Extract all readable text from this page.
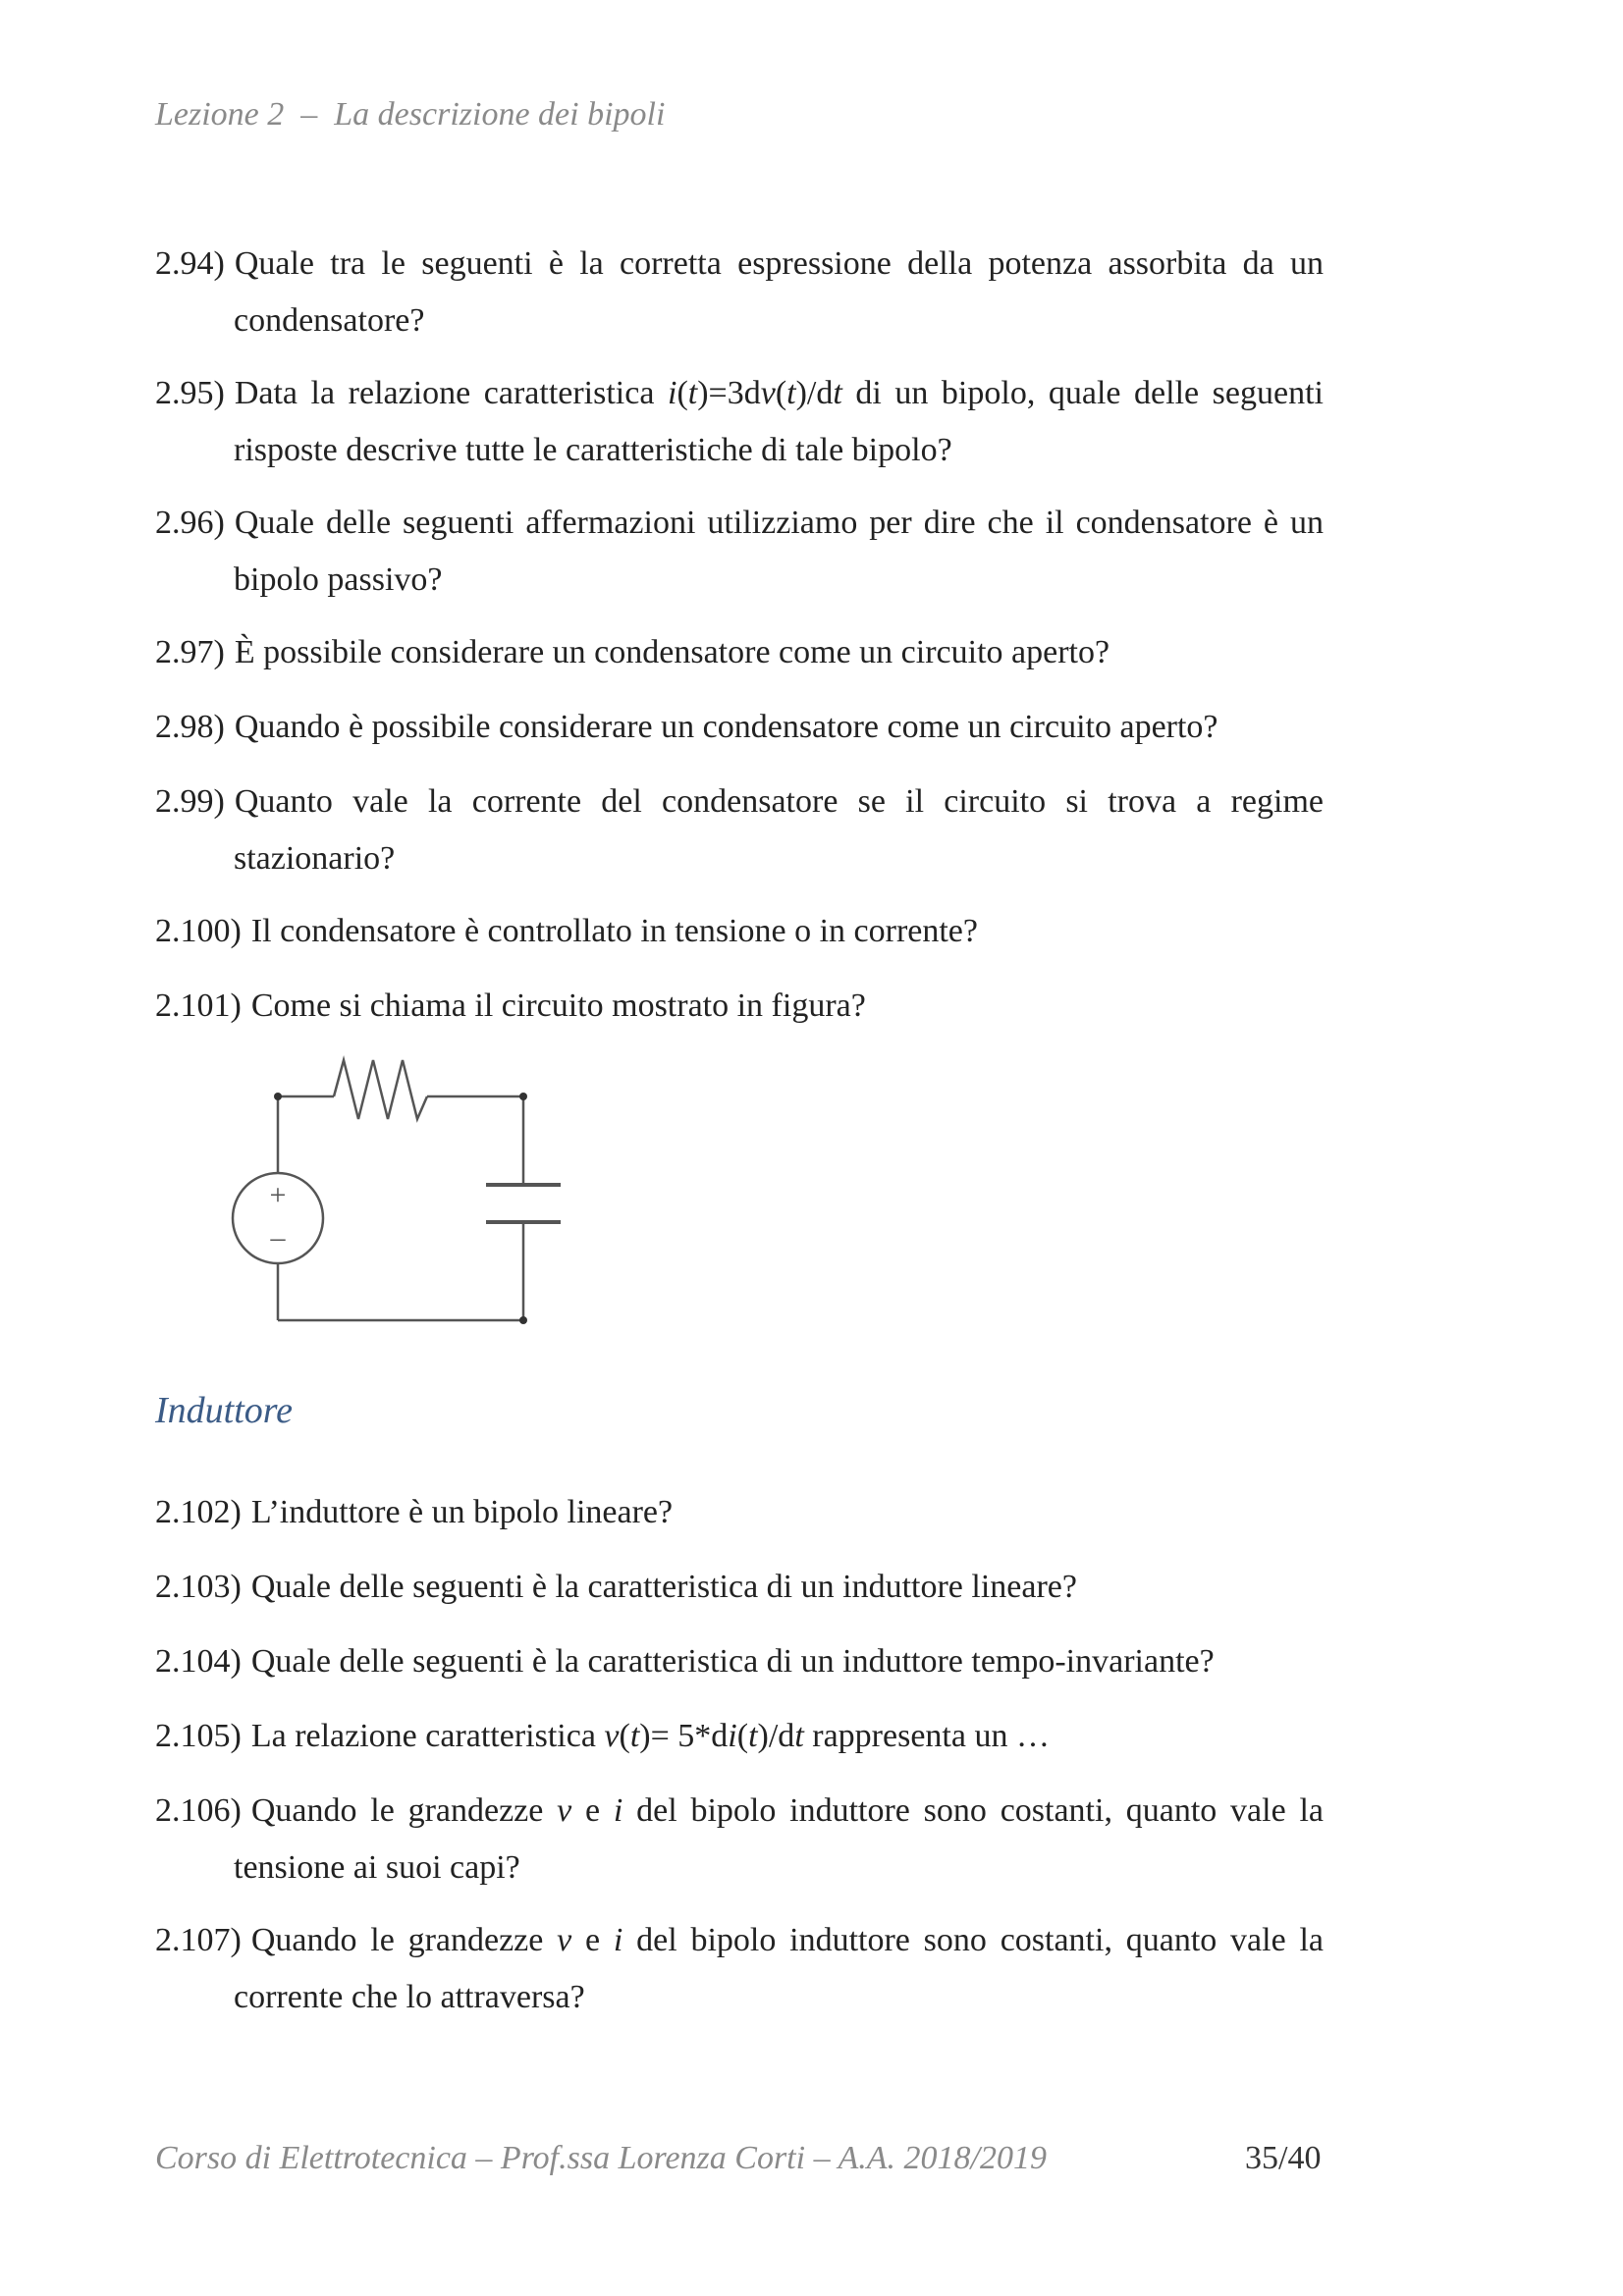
Lezione 2  –  La descrizione dei bipoli
2.94) Quale tra le seguenti è la corretta espressione della potenza assorbita da un
condensatore?
2.95) Data la relazione caratteristica i(t)=3dv(t)/dt di un bipolo, quale delle seguenti
risposte descrive tutte le caratteristiche di tale bipolo?
2.96) Quale delle seguenti affermazioni utilizziamo per dire che il condensatore è un
bipolo passivo?
2.97) È possibile considerare un condensatore come un circuito aperto?
2.98) Quando è possibile considerare un condensatore come un circuito aperto?
2.99) Quanto vale la corrente del condensatore se il circuito si trova a regime
stazionario?
2.100) Il condensatore è controllato in tensione o in corrente?
2.101) Come si chiama il circuito mostrato in figura?
+
–
Induttore
2.102) L’induttore è un bipolo lineare?
2.103) Quale delle seguenti è la caratteristica di un induttore lineare?
2.104) Quale delle seguenti è la caratteristica di un induttore tempo-invariante?
2.105) La relazione caratteristica v(t)= 5*di(t)/dt rappresenta un …
2.106) Quando le grandezze v e i del bipolo induttore sono costanti, quanto vale la
tensione ai suoi capi?
2.107) Quando le grandezze v e i del bipolo induttore sono costanti, quanto vale la
corrente che lo attraversa?
Corso di Elettrotecnica – Prof.ssa Lorenza Corti – A.A. 2018/2019	35/40
